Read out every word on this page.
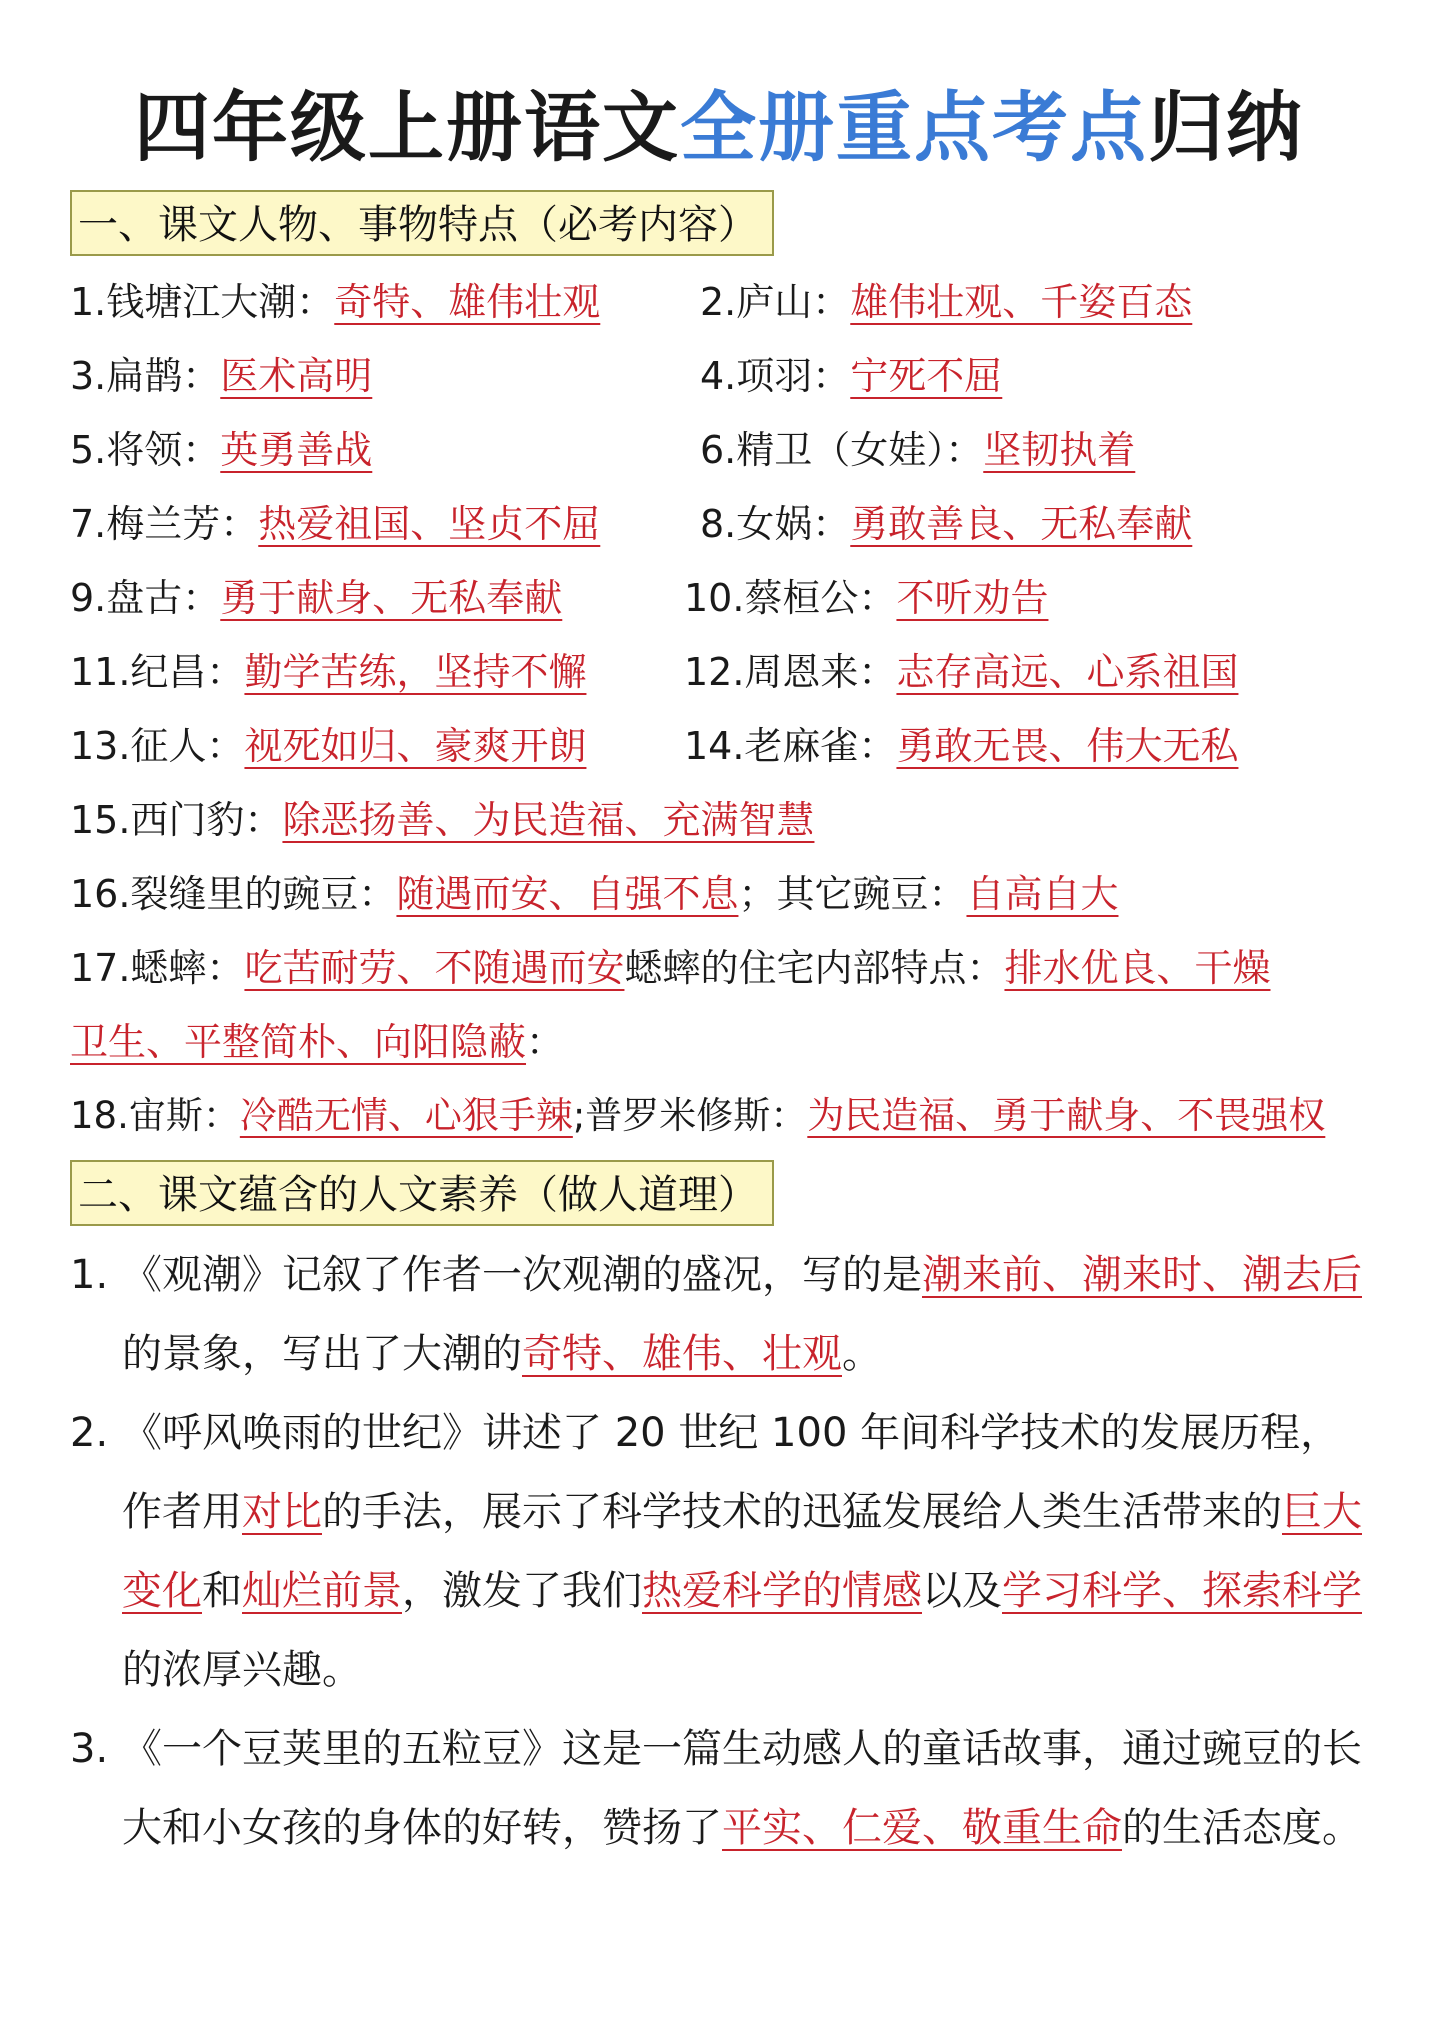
四年级上册语文全册重点考点归纳
一、课文人物、事物特点（必考内容）
1.钱塘江大潮：奇特、雄伟壮观	2.庐山：雄伟壮观、千姿百态
3.扁鹊：医术高明	4.项羽：宁死不屈
5.将领：英勇善战	6.精卫（女娃）：坚韧执着
7.梅兰芳：热爱祖国、坚贞不屈	8.女娲：勇敢善良、无私奉献
9.盘古：勇于献身、无私奉献	10.蔡桓公：不听劝告
11.纪昌：勤学苦练，坚持不懈	12.周恩来：志存高远、心系祖国
13.征人：视死如归、豪爽开朗	14.老麻雀：勇敢无畏、伟大无私
15.西门豹：除恶扬善、为民造福、充满智慧
16.裂缝里的豌豆：随遇而安、自强不息；其它豌豆：自高自大
17.蟋蟀：吃苦耐劳、不随遇而安蟋蟀的住宅内部特点：排水优良、干燥
卫生、平整简朴、向阳隐蔽：
18.宙斯：冷酷无情、心狠手辣;普罗米修斯：为民造福、勇于献身、不畏强权
二、课文蕴含的人文素养（做人道理）
1. 《观潮》记叙了作者一次观潮的盛况，写的是潮来前、潮来时、潮去后的景象，写出了大潮的奇特、雄伟、壮观。
2. 《呼风唤雨的世纪》讲述了 20 世纪 100 年间科学技术的发展历程，作者用对比的手法，展示了科学技术的迅猛发展给人类生活带来的巨大变化和灿烂前景，激发了我们热爱科学的情感以及学习科学、探索科学的浓厚兴趣。
3. 《一个豆荚里的五粒豆》这是一篇生动感人的童话故事，通过豌豆的长大和小女孩的身体的好转，赞扬了平实、仁爱、敬重生命的生活态度。
